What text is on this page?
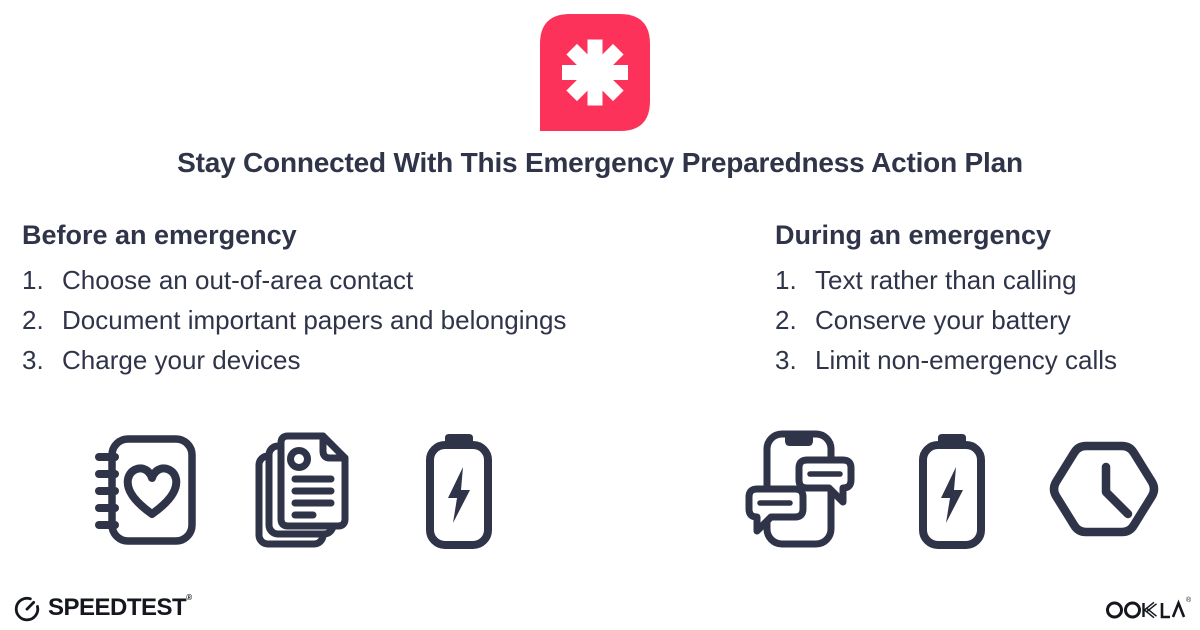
Stay Connected With This Emergency Preparedness Action Plan
Before an emergency
1. Choose an out-of-area contact
2. Document important papers and belongings
3. Charge your devices
During an emergency
1. Text rather than calling
2. Conserve your battery
3. Limit non-emergency calls
SPEEDTEST®	®
